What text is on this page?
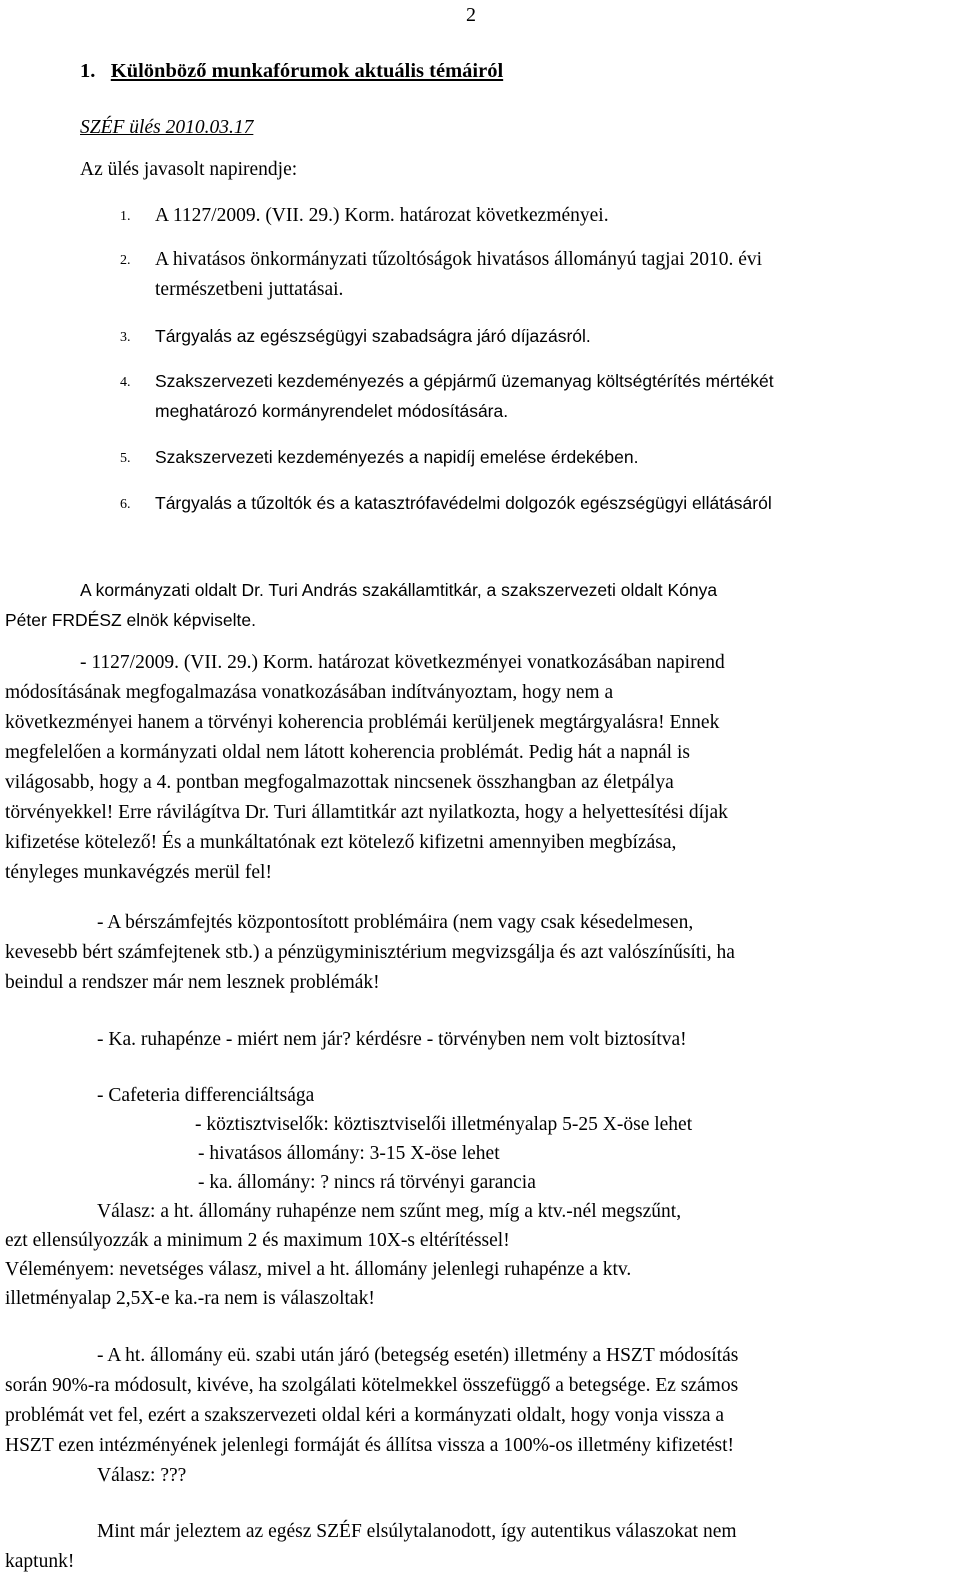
2
1. Különböző munkafórumok aktuális témáiról
SZÉF ülés 2010.03.17
Az ülés javasolt napirendje:
1. A 1127/2009. (VII. 29.) Korm. határozat következményei.
2. A hivatásos önkormányzati tűzoltóságok hivatásos állományú tagjai 2010. évi
természetbeni juttatásai.
3. Tárgyalás az egészségügyi szabadságra járó díjazásról.
4. Szakszervezeti kezdeményezés a gépjármű üzemanyag költségtérítés mértékét
meghatározó kormányrendelet módosítására.
5. Szakszervezeti kezdeményezés a napidíj emelése érdekében.
6. Tárgyalás a tűzoltók és a katasztrófavédelmi dolgozók egészségügyi ellátásáról
A kormányzati oldalt Dr. Turi András szakállamtitkár, a szakszervezeti oldalt Kónya
Péter FRDÉSZ elnök képviselte.
- 1127/2009. (VII. 29.) Korm. határozat következményei vonatkozásában napirend
módosításának megfogalmazása vonatkozásában indítványoztam, hogy nem a
következményei hanem a törvényi koherencia problémái kerüljenek megtárgyalásra! Ennek
megfelelően a kormányzati oldal nem látott koherencia problémát. Pedig hát a napnál is
világosabb, hogy a 4. pontban megfogalmazottak nincsenek összhangban az életpálya
törvényekkel! Erre rávilágítva Dr. Turi államtitkár azt nyilatkozta, hogy a helyettesítési díjak
kifizetése kötelező! És a munkáltatónak ezt kötelező kifizetni amennyiben megbízása,
tényleges munkavégzés merül fel!
- A bérszámfejtés központosított problémáira (nem vagy csak késedelmesen,
kevesebb bért számfejtenek stb.) a pénzügyminisztérium megvizsgálja és azt valószínűsíti, ha
beindul a rendszer már nem lesznek problémák!
- Ka. ruhapénze - miért nem jár? kérdésre - törvényben nem volt biztosítva!
- Cafeteria differenciáltsága
- köztisztviselők: köztisztviselői illetményalap 5-25 X-öse lehet
- hivatásos állomány: 3-15 X-öse lehet
- ka. állomány: ? nincs rá törvényi garancia
Válasz: a ht. állomány ruhapénze nem szűnt meg, míg a ktv.-nél megszűnt,
ezt ellensúlyozzák a minimum 2 és maximum 10X-s eltérítéssel!
Véleményem: nevetséges válasz, mivel a ht. állomány jelenlegi ruhapénze a ktv.
illetményalap 2,5X-e ka.-ra nem is válaszoltak!
- A ht. állomány eü. szabi után járó (betegség esetén) illetmény a HSZT módosítás
során 90%-ra módosult, kivéve, ha szolgálati kötelmekkel összefüggő a betegsége. Ez számos
problémát vet fel, ezért a szakszervezeti oldal kéri a kormányzati oldalt, hogy vonja vissza a
HSZT ezen intézményének jelenlegi formáját és állítsa vissza a 100%-os illetmény kifizetést!
Válasz: ???
Mint már jeleztem az egész SZÉF elsúlytalanodott, így autentikus válaszokat nem
kaptunk!
